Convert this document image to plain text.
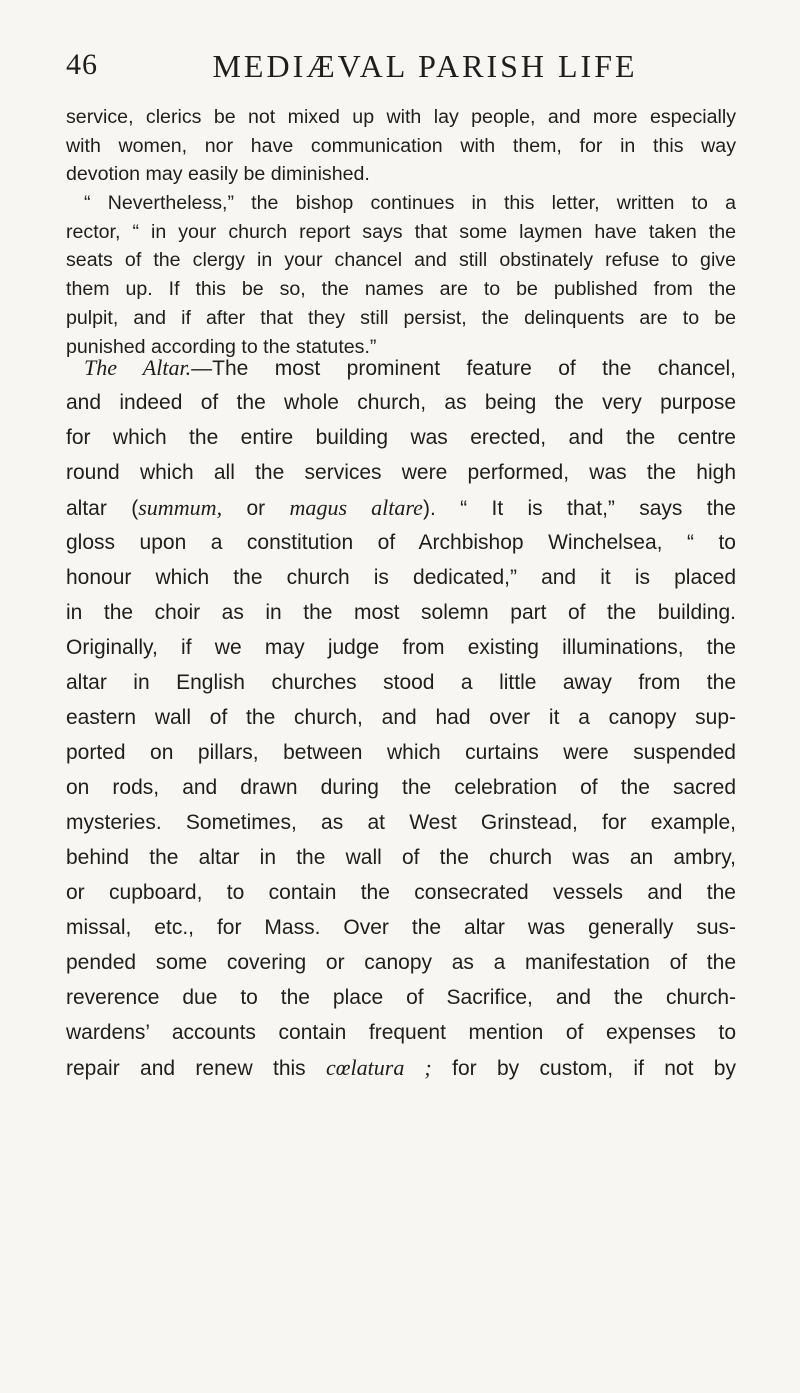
46	MEDIÆVAL PARISH LIFE
service, clerics be not mixed up with lay people, and more especially
with women, nor have communication with them, for in this way
devotion may easily be diminished.
“ Nevertheless,” the bishop continues in this letter, written to a
rector, “ in your church report says that some laymen have taken the
seats of the clergy in your chancel and still obstinately refuse to give
them up. If this be so, the names are to be published from the
pulpit, and if after that they still persist, the delinquents are to be
punished according to the statutes.”
The Altar.—The most prominent feature of the chancel,
and indeed of the whole church, as being the very purpose
for which the entire building was erected, and the centre
round which all the services were performed, was the high
altar (summum, or magus altare). “ It is that,” says the
gloss upon a constitution of Archbishop Winchelsea, “ to
honour which the church is dedicated,” and it is placed
in the choir as in the most solemn part of the building.
Originally, if we may judge from existing illuminations, the
altar in English churches stood a little away from the
eastern wall of the church, and had over it a canopy sup-
ported on pillars, between which curtains were suspended
on rods, and drawn during the celebration of the sacred
mysteries. Sometimes, as at West Grinstead, for example,
behind the altar in the wall of the church was an ambry,
or cupboard, to contain the consecrated vessels and the
missal, etc., for Mass. Over the altar was generally sus-
pended some covering or canopy as a manifestation of the
reverence due to the place of Sacrifice, and the church-
wardens’ accounts contain frequent mention of expenses to
repair and renew this cœlatura ; for by custom, if not by
